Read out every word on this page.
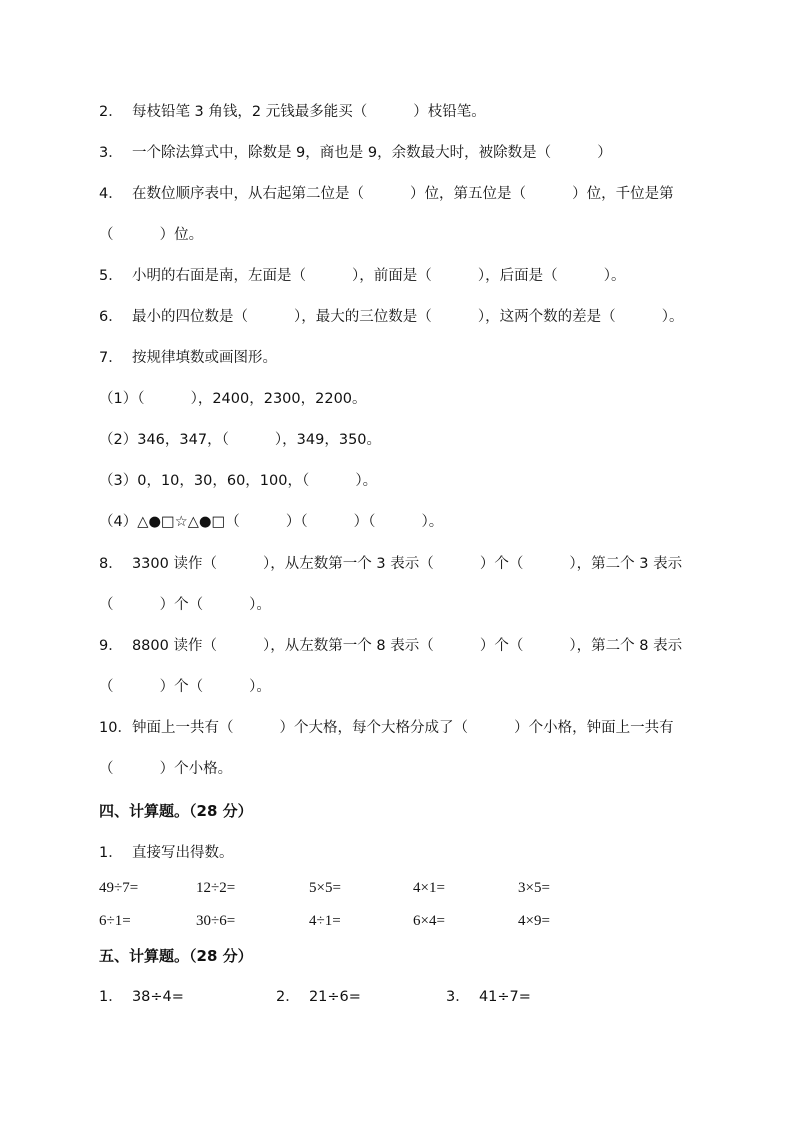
2．  每枝铅笔 3 角钱，2 元钱最多能买（          ）枝铅笔。
3．  一个除法算式中，除数是 9，商也是 9，余数最大时，被除数是（          ）
4．  在数位顺序表中，从右起第二位是（          ）位，第五位是（          ）位，千位是第
（          ）位。
5．  小明的右面是南，左面是（          ），前面是（          ），后面是（          ）。
6．  最小的四位数是（          ），最大的三位数是（          ），这两个数的差是（          ）。
7．  按规律填数或画图形。
（1）（          ），2400，2300，2200。
（2）346，347，（          ），349，350。
（3）0，10，30，60，100，（          ）。
（4）△●□☆△●□（          ）（          ）（          ）。
8．  3300 读作（          ），从左数第一个 3 表示（          ）个（          ），第二个 3 表示
（          ）个（          ）。
9．  8800 读作（          ），从左数第一个 8 表示（          ）个（          ），第二个 8 表示
（          ）个（          ）。
10．钟面上一共有（          ）个大格，每个大格分成了（          ）个小格，钟面上一共有
（          ）个小格。
四、计算题。（28 分）
1．  直接写出得数。
49÷7=	12÷2=	5×5=	4×1=	3×5=
6÷1=	30÷6=	4÷1=	6×4=	4×9=
五、计算题。（28 分）
1．  38÷4=	2．  21÷6=	3．  41÷7=
